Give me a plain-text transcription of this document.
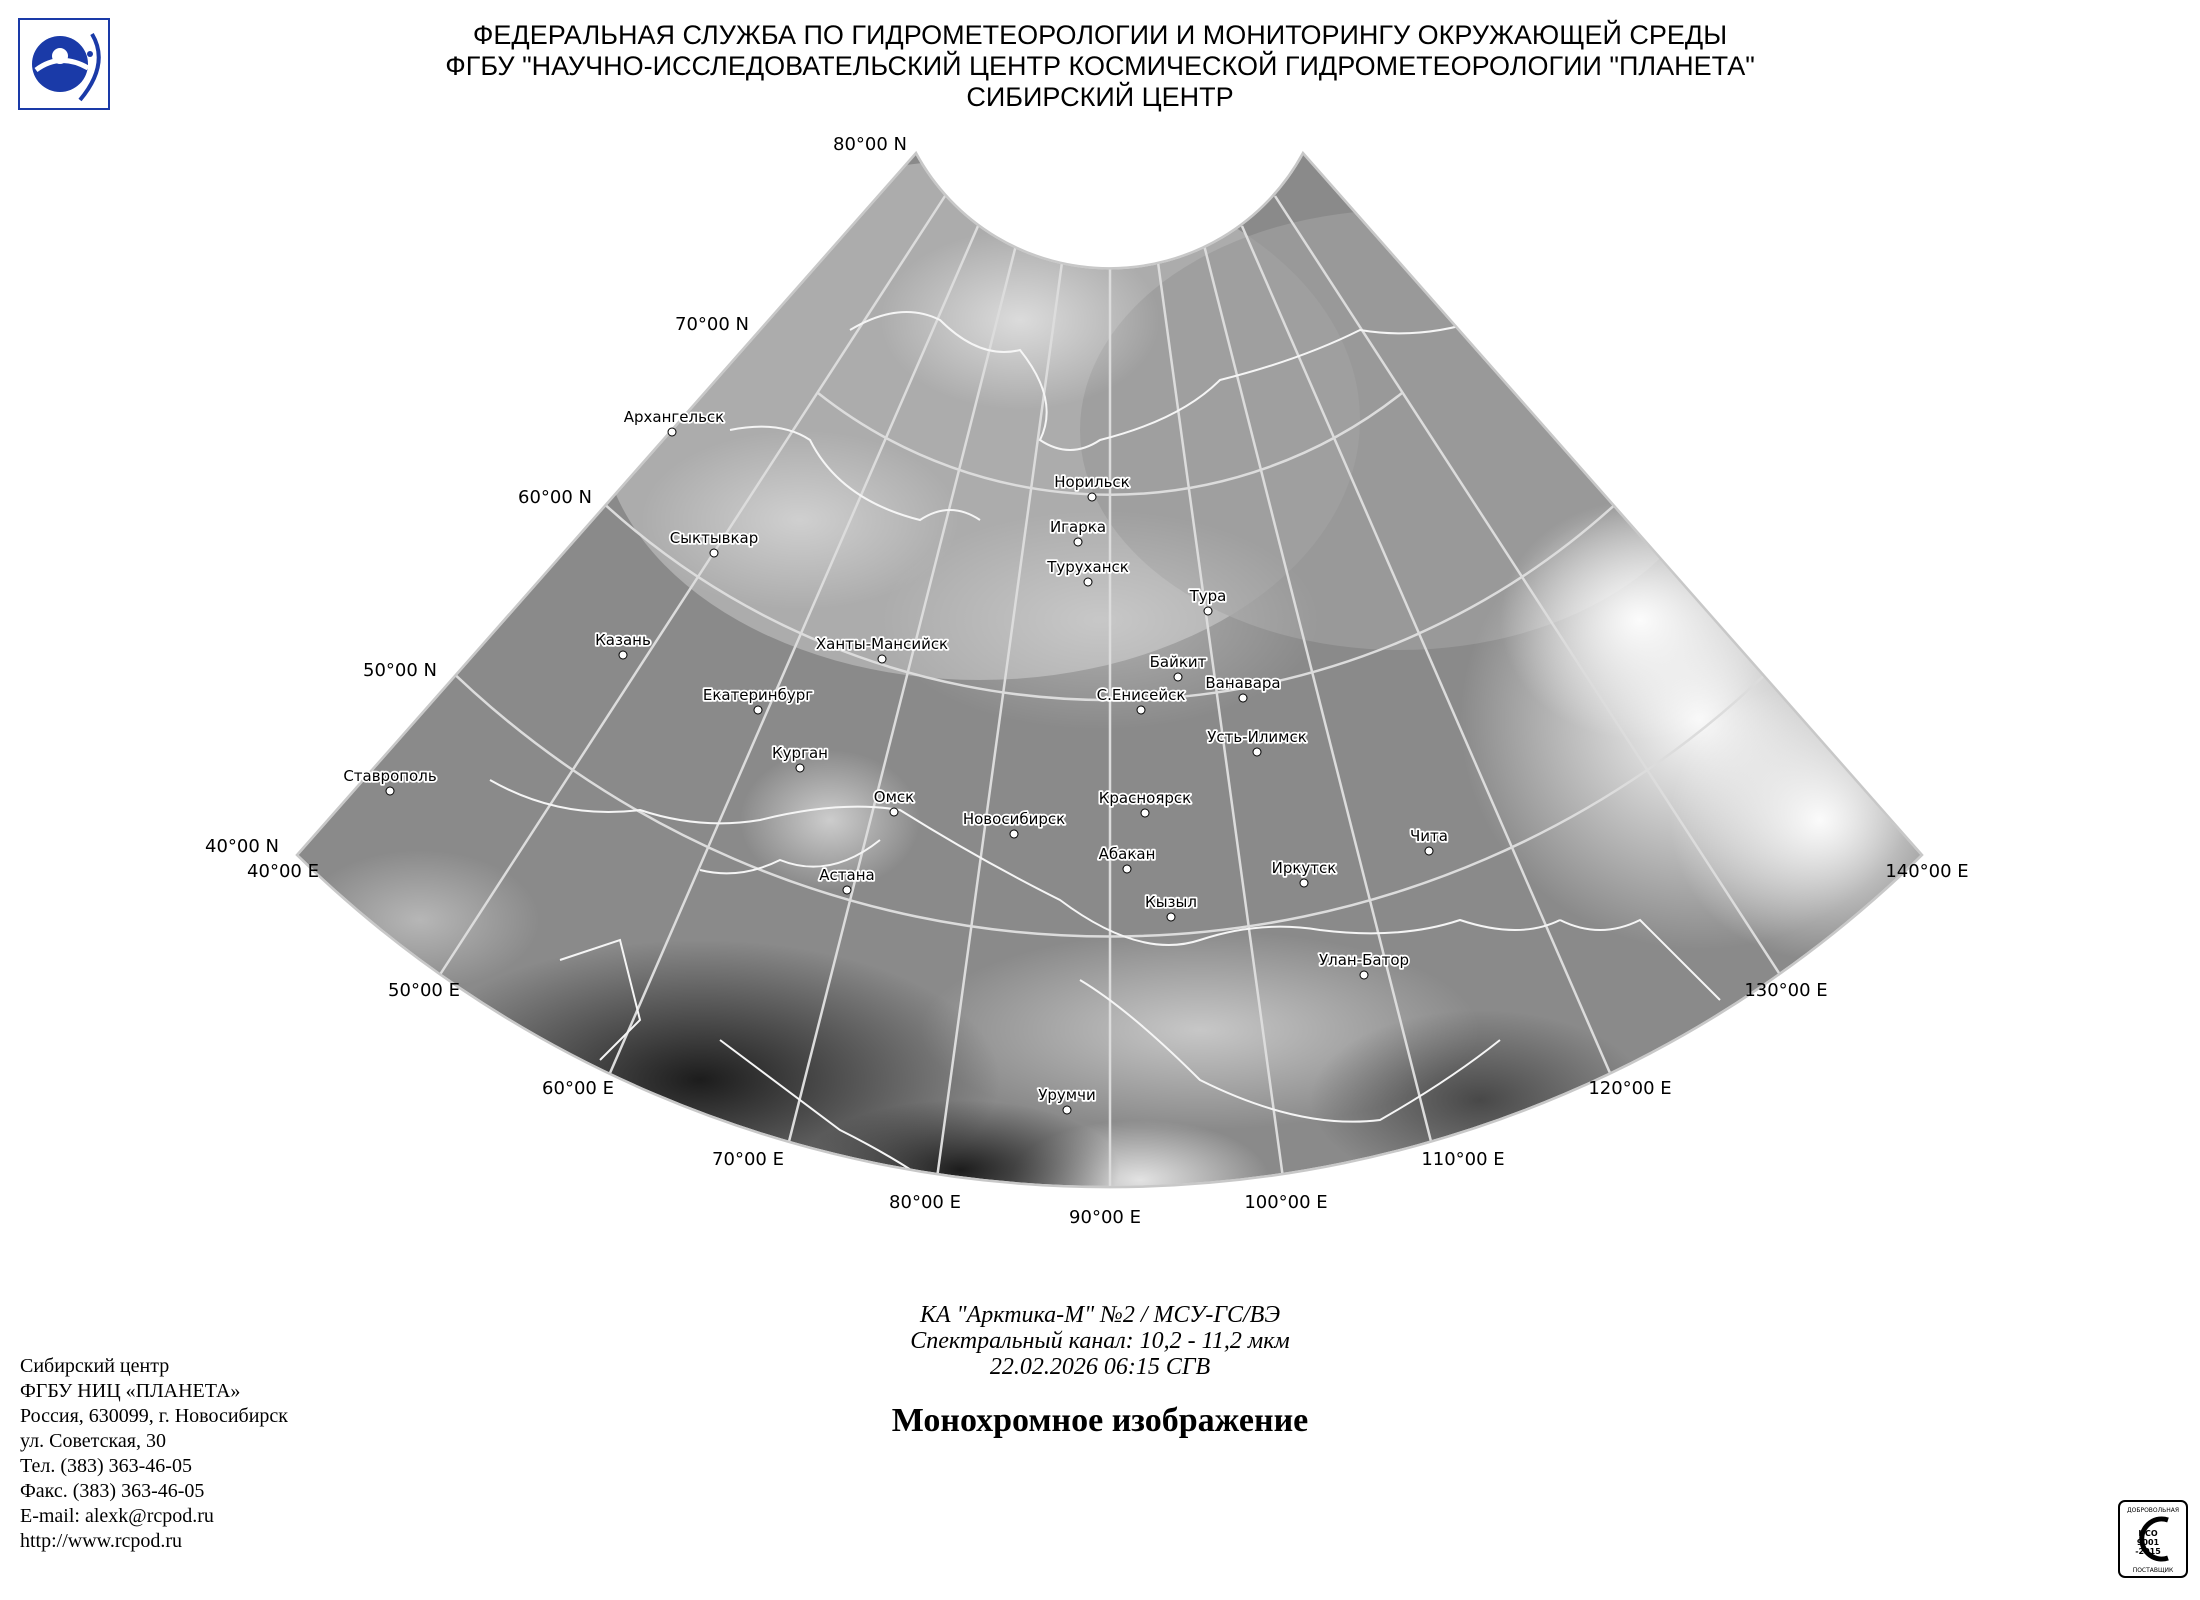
ФЕДЕРАЛЬНАЯ СЛУЖБА ПО ГИДРОМЕТЕОРОЛОГИИ И МОНИТОРИНГУ ОКРУЖАЮЩЕЙ СРЕДЫ
ФГБУ "НАУЧНО-ИССЛЕДОВАТЕЛЬСКИЙ ЦЕНТР КОСМИЧЕСКОЙ ГИДРОМЕТЕОРОЛОГИИ "ПЛАНЕТА"
СИБИРСКИЙ ЦЕНТР
80°00 N
70°00 N
60°00 N
50°00 N
40°00 N
40°00 E
50°00 E
60°00 E
70°00 E
80°00 E
90°00 E
100°00 E
110°00 E
120°00 E
130°00 E
140°00 E
Архангельск
Сыктывкар
Казань
Ставрополь
Екатеринбург
Курган
Ханты-Мансийск
Омск
Астана
Новосибирск
Норильск
Игарка
Туруханск
Тура
Байкит
С.Енисейск
Ванавара
Усть-Илимск
Красноярск
Абакан
Кызыл
Иркутск
Чита
Улан-Батор
Урумчи
КА "Арктика-М" №2 / МСУ-ГС/ВЭ
Спектральный канал: 10,2 - 11,2 мкм
22.02.2026 06:15 СГВ
Монохромное изображение
Сибирский центр
ФГБУ НИЦ «ПЛАНЕТА»
Россия, 630099, г. Новосибирск
ул. Советская, 30
Тел. (383) 363-46-05
Факс. (383) 363-46-05
E-mail: alexk@rcpod.ru
http://www.rcpod.ru
ДОБРОВОЛЬНАЯ
ИСО
9001
-2015
ПОСТАВЩИК
